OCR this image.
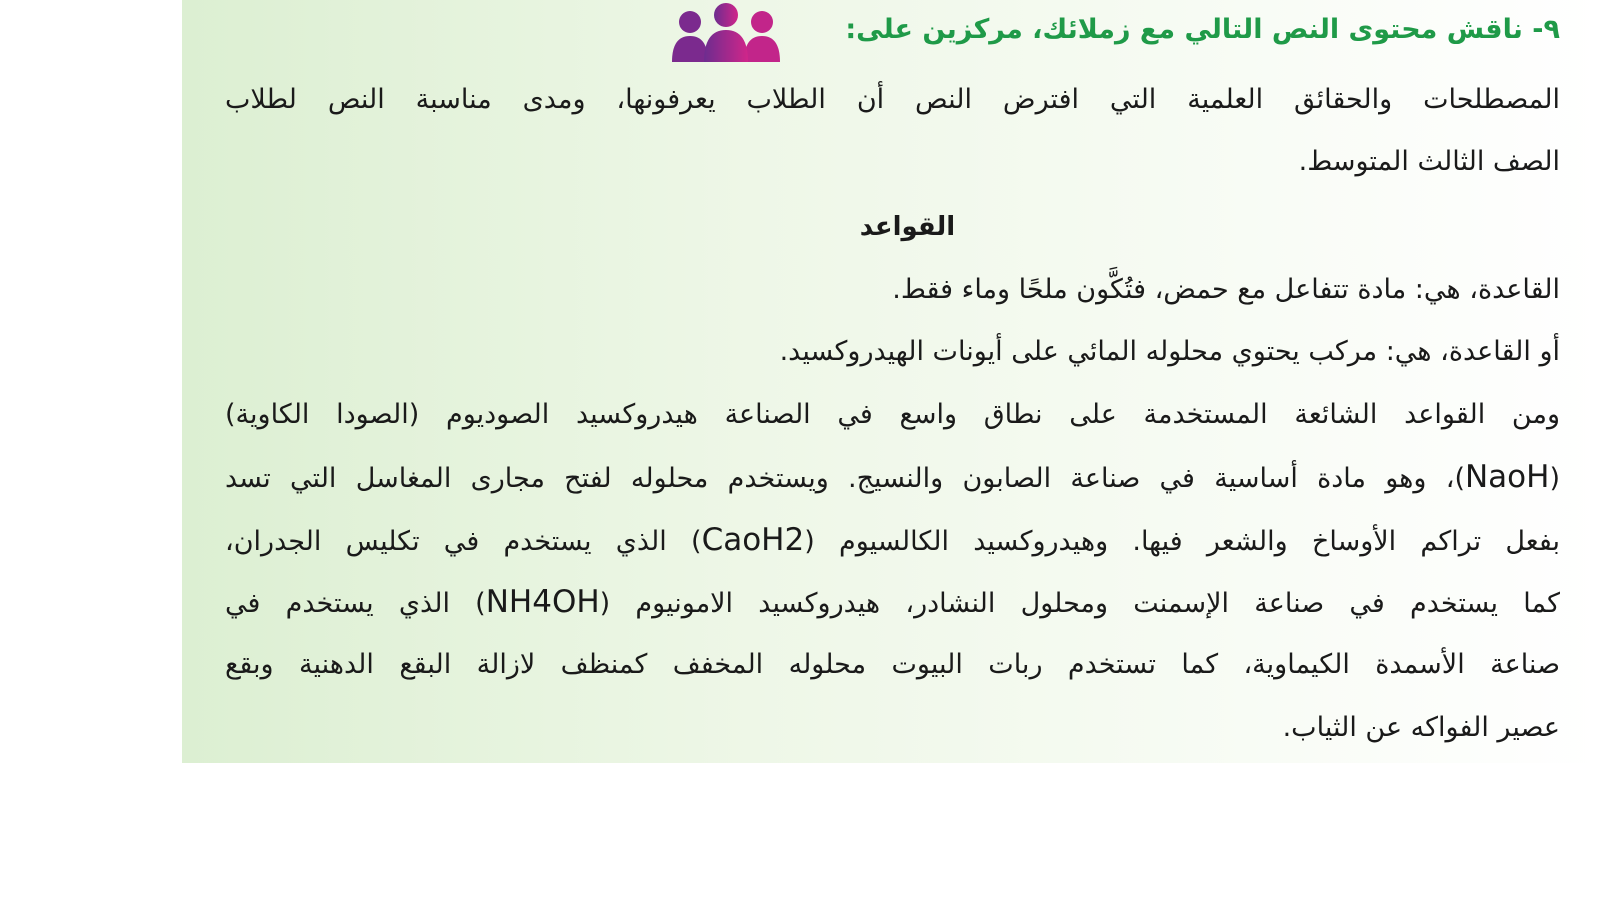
٩- ناقش محتوى النص التالي مع زملائك، مركزين على:
المصطلحات والحقائق العلمية التي افترض النص أن الطلاب يعرفونها، ومدى مناسبة النص لطلاب
الصف الثالث المتوسط.
القواعد
القاعدة، هي: مادة تتفاعل مع حمض، فتُكَّون ملحًا وماء فقط.
أو القاعدة، هي: مركب يحتوي محلوله المائي على أيونات الهيدروكسيد.
ومن القواعد الشائعة المستخدمة على نطاق واسع في الصناعة هيدروكسيد الصوديوم (الصودا الكاوية)
(NaoH)، وهو مادة أساسية في صناعة الصابون والنسيج. ويستخدم محلوله لفتح مجارى المغاسل التي تسد
بفعل تراكم الأوساخ والشعر فيها. وهيدروكسيد الكالسيوم (CaoH2) الذي يستخدم في تكليس الجدران،
كما يستخدم في صناعة الإسمنت ومحلول النشادر، هيدروكسيد الامونيوم (NH4OH) الذي يستخدم في
صناعة الأسمدة الكيماوية، كما تستخدم ربات البيوت محلوله المخفف كمنظف لازالة البقع الدهنية وبقع
عصير الفواكه عن الثياب.
